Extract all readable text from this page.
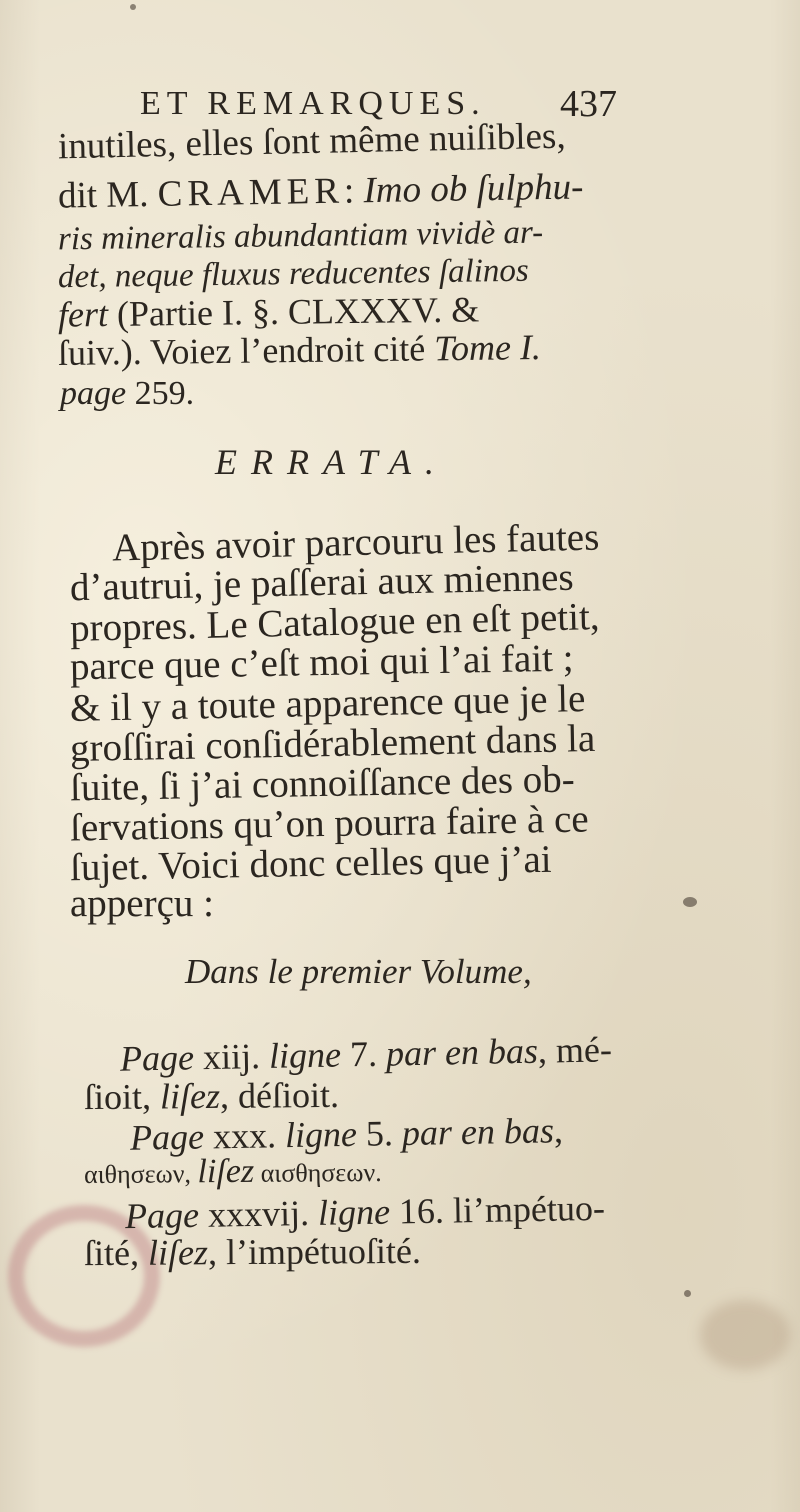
ET REMARQUES. 437
inutiles, elles ſont même nuiſibles,
dit M. CRAMER: Imo ob ſulphu-
ris mineralis abundantiam vividè ar-
det, neque fluxus reducentes ſalinos
fert (Partie I. §. CLXXXV. &
ſuiv.). Voiez l’endroit cité Tome I.
page 259.
ERRATA.
Après avoir parcouru les fautes
d’autrui, je paſſerai aux miennes
propres. Le Catalogue en eſt petit,
parce que c’eſt moi qui l’ai fait ;
& il y a toute apparence que je le
groſſirai conſidérablement dans la
ſuite, ſi j’ai connoiſſance des ob-
ſervations qu’on pourra faire à ce
ſujet. Voici donc celles que j’ai
apperçu :
Dans le premier Volume,
Page xiij. ligne 7. par en bas, mé-
ſioit, liſez, déſioit.
Page xxx. ligne 5. par en bas,
αιθησεων, liſez αισθησεων.
Page xxxvij. ligne 16. li’mpétuo-
ſité, liſez, l’impétuoſité.
